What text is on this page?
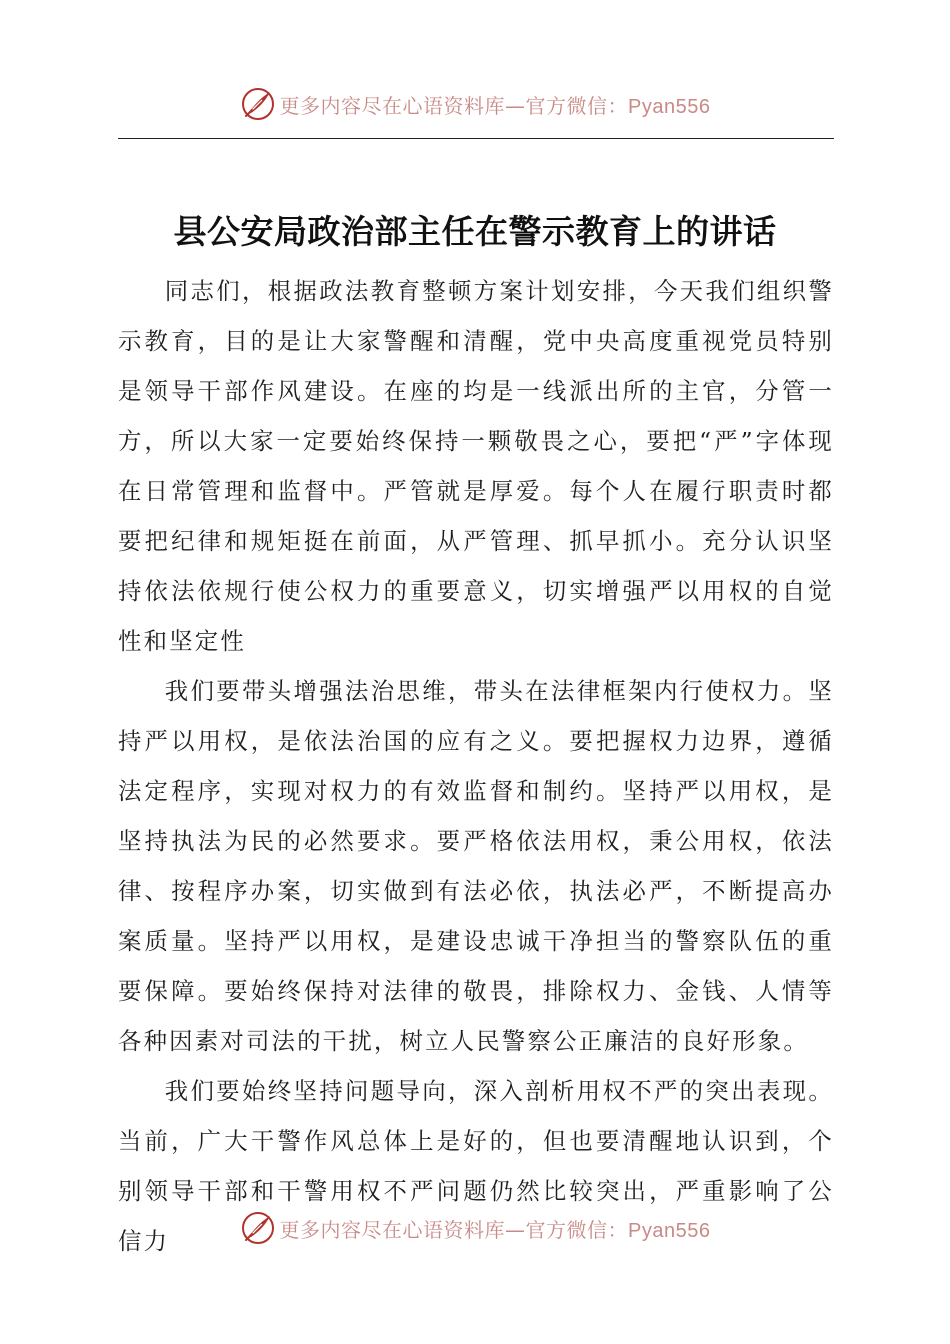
更多内容尽在心语资料库—官方微信：Pyan556
县公安局政治部主任在警示教育上的讲话

同志们，根据政法教育整顿方案计划安排，今天我们组织警示教育，目的是让大家警醒和清醒，党中央高度重视党员特别是领导干部作风建设。在座的均是一线派出所的主官，分管一方，所以大家一定要始终保持一颗敬畏之心，要把“严”字体现在日常管理和监督中。严管就是厚爱。每个人在履行职责时都要把纪律和规矩挺在前面，从严管理、抓早抓小。充分认识坚持依法依规行使公权力的重要意义，切实增强严以用权的自觉性和坚定性

我们要带头增强法治思维，带头在法律框架内行使权力。坚持严以用权，是依法治国的应有之义。要把握权力边界，遵循法定程序，实现对权力的有效监督和制约。坚持严以用权，是坚持执法为民的必然要求。要严格依法用权，秉公用权，依法律、按程序办案，切实做到有法必依，执法必严，不断提高办案质量。坚持严以用权，是建设忠诚干净担当的警察队伍的重要保障。要始终保持对法律的敬畏，排除权力、金钱、人情等各种因素对司法的干扰，树立人民警察公正廉洁的良好形象。

我们要始终坚持问题导向，深入剖析用权不严的突出表现。当前，广大干警作风总体上是好的，但也要清醒地认识到，个别领导干部和干警用权不严问题仍然比较突出，严重影响了公信力	更多内容尽在心语资料库—官方微信：Pyan556
